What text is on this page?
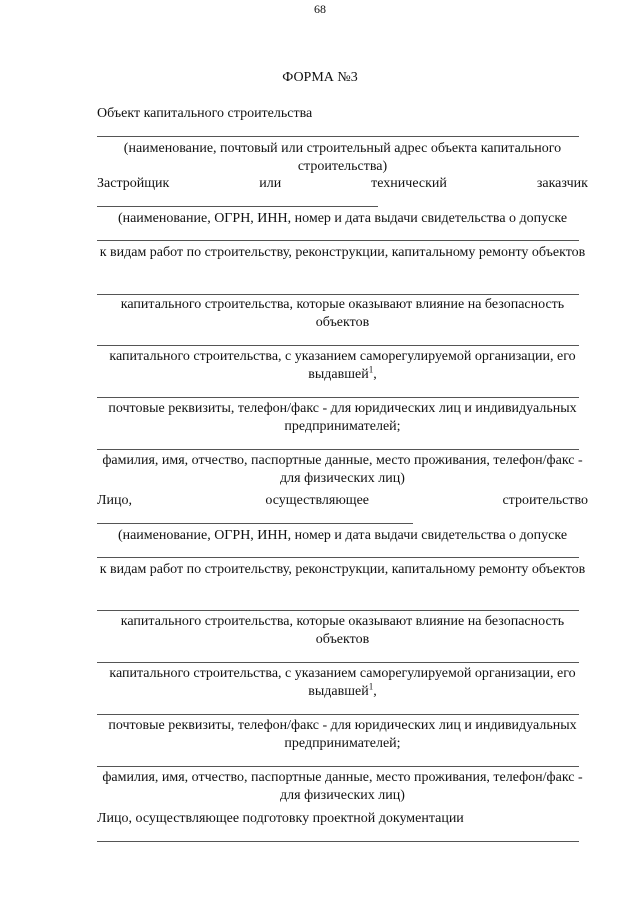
68
ФОРМА №3
Объект капитального строительства
(наименование, почтовый или строительный адрес объекта капитального строительства)
Застройщик	или	технический	заказчик
(наименование, ОГРН, ИНН, номер и дата выдачи свидетельства о допуске
к видам работ по строительству, реконструкции, капитальному ремонту объектов
капитального строительства, которые оказывают влияние на безопасность объектов
капитального строительства, с указанием саморегулируемой организации, его выдавшей$^1$,
почтовые реквизиты, телефон/факс - для юридических лиц и индивидуальных предпринимателей;
фамилия, имя, отчество, паспортные данные, место проживания, телефон/факс - для физических лиц)
Лицо,	осуществляющее	строительство
(наименование, ОГРН, ИНН, номер и дата выдачи свидетельства о допуске
к видам работ по строительству, реконструкции, капитальному ремонту объектов
капитального строительства, которые оказывают влияние на безопасность объектов
капитального строительства, с указанием саморегулируемой организации, его выдавшей$^1$,
почтовые реквизиты, телефон/факс - для юридических лиц и индивидуальных предпринимателей;
фамилия, имя, отчество, паспортные данные, место проживания, телефон/факс - для физических лиц)
Лицо, осуществляющее подготовку проектной документации
